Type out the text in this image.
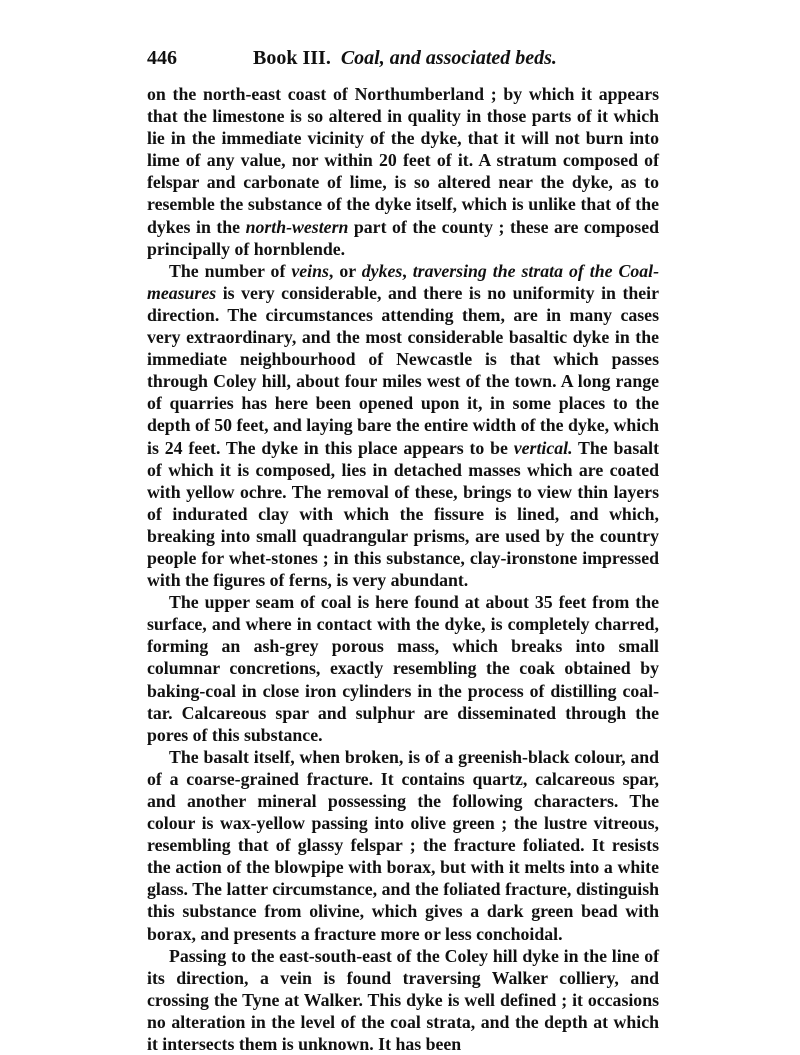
446	Book III. Coal, and associated beds.

on the north-east coast of Northumberland ; by which it appears that the limestone is so altered in quality in those parts of it which lie in the immediate vicinity of the dyke, that it will not burn into lime of any value, nor within 20 feet of it. A stratum composed of felspar and carbonate of lime, is so altered near the dyke, as to resemble the substance of the dyke itself, which is unlike that of the dykes in the north-western part of the county ; these are composed principally of hornblende.

The number of veins, or dykes, traversing the strata of the Coal-measures is very considerable, and there is no uniformity in their direction. The circumstances attending them, are in many cases very extraordinary, and the most considerable basaltic dyke in the immediate neighbourhood of Newcastle is that which passes through Coley hill, about four miles west of the town. A long range of quarries has here been opened upon it, in some places to the depth of 50 feet, and laying bare the entire width of the dyke, which is 24 feet. The dyke in this place appears to be vertical. The basalt of which it is composed, lies in detached masses which are coated with yellow ochre. The removal of these, brings to view thin layers of indurated clay with which the fissure is lined, and which, breaking into small quadrangular prisms, are used by the country people for whet-stones ; in this substance, clay-ironstone impressed with the figures of ferns, is very abundant.

The upper seam of coal is here found at about 35 feet from the surface, and where in contact with the dyke, is completely charred, forming an ash-grey porous mass, which breaks into small columnar concretions, exactly resembling the coak obtained by baking-coal in close iron cylinders in the process of distilling coal-tar. Calcareous spar and sulphur are disseminated through the pores of this substance.

The basalt itself, when broken, is of a greenish-black colour, and of a coarse-grained fracture. It contains quartz, calcareous spar, and another mineral possessing the following characters. The colour is wax-yellow passing into olive green ; the lustre vitreous, resembling that of glassy felspar ; the fracture foliated. It resists the action of the blowpipe with borax, but with it melts into a white glass. The latter circumstance, and the foliated fracture, distinguish this substance from olivine, which gives a dark green bead with borax, and presents a fracture more or less conchoidal.

Passing to the east-south-east of the Coley hill dyke in the line of its direction, a vein is found traversing Walker colliery, and crossing the Tyne at Walker. This dyke is well defined ; it occasions no alteration in the level of the coal strata, and the depth at which it intersects them is unknown. It has been
